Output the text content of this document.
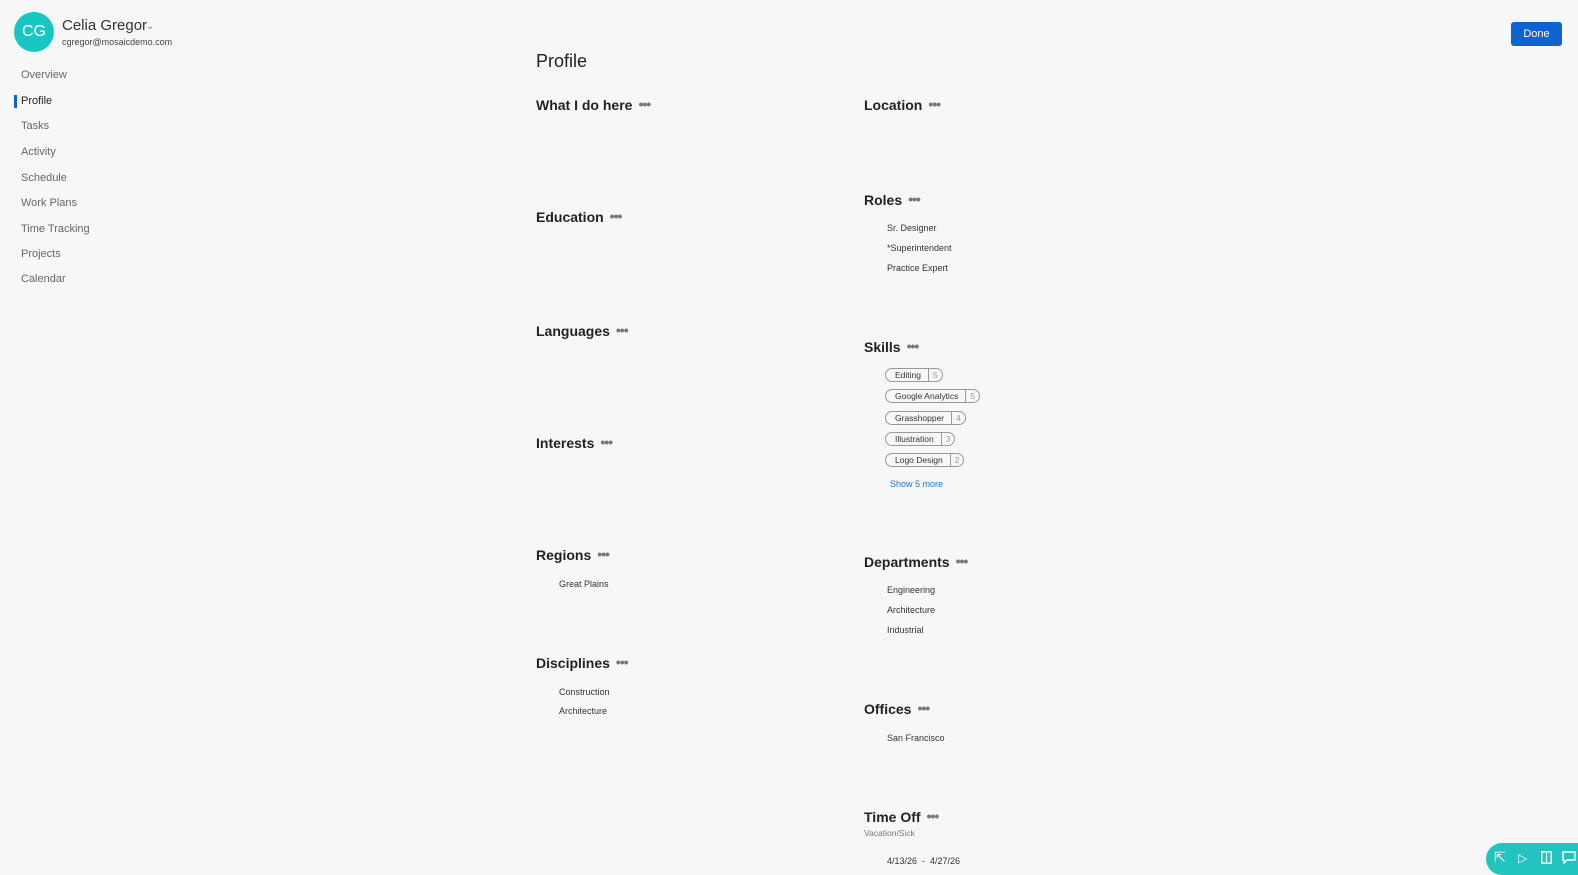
CG	Celia Gregor
⌄
cgregor@mosaicdemo.com
Done
Overview
Profile
Tasks
Activity
Schedule
Work Plans
Time Tracking
Projects
Calendar
Profile
What I do here •••
Education •••
Languages •••
Interests •••
Regions •••
Great Plains
Disciplines •••
Construction
Architecture
Location •••
Roles •••
Sr. Designer
*Superintendent
Practice Expert
Skills •••
Editing	5
Google Analytics	5
Grasshopper	4
Illustration	3
Logo Design	2
Show 5 more
Departments •••
Engineering
Architecture
Industrial
Offices •••
San Francisco
Time Off •••
Vacation/Sick
4/13/26  -  4/27/26	⇱ ▷
